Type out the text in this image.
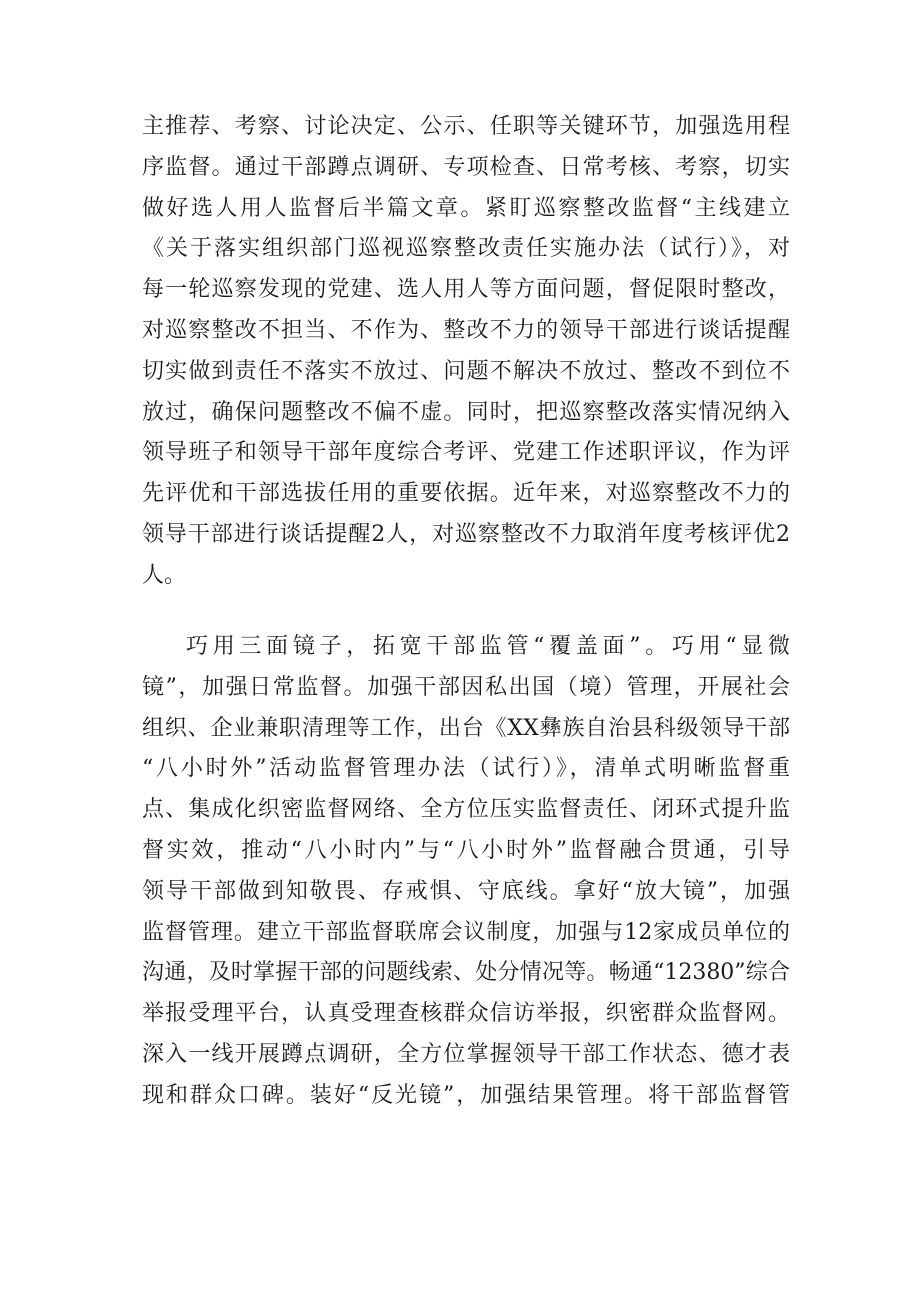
主推荐、考察、讨论决定、公示、任职等关键环节，加强选用程
序监督。通过干部蹲点调研、专项检查、日常考核、考察，切实
做好选人用人监督后半篇文章。紧盯巡察整改监督“主线建立
《关于落实组织部门巡视巡察整改责任实施办法（试行）》，对
每一轮巡察发现的党建、选人用人等方面问题，督促限时整改，
对巡察整改不担当、不作为、整改不力的领导干部进行谈话提醒
切实做到责任不落实不放过、问题不解决不放过、整改不到位不
放过，确保问题整改不偏不虚。同时，把巡察整改落实情况纳入
领导班子和领导干部年度综合考评、党建工作述职评议，作为评
先评优和干部选拔任用的重要依据。近年来，对巡察整改不力的
领导干部进行谈话提醒2人，对巡察整改不力取消年度考核评优2
人。
巧用三面镜子，拓宽干部监管“覆盖面”。巧用“显微
镜”，加强日常监督。加强干部因私出国（境）管理，开展社会
组织、企业兼职清理等工作，出台《XX彝族自治县科级领导干部
“八小时外”活动监督管理办法（试行）》，清单式明晰监督重
点、集成化织密监督网络、全方位压实监督责任、闭环式提升监
督实效，推动“八小时内”与“八小时外”监督融合贯通，引导
领导干部做到知敬畏、存戒惧、守底线。拿好“放大镜”，加强
监督管理。建立干部监督联席会议制度，加强与12家成员单位的
沟通，及时掌握干部的问题线索、处分情况等。畅通“12380”综合
举报受理平台，认真受理查核群众信访举报，织密群众监督网。
深入一线开展蹲点调研，全方位掌握领导干部工作状态、德才表
现和群众口碑。装好“反光镜”，加强结果管理。将干部监督管
